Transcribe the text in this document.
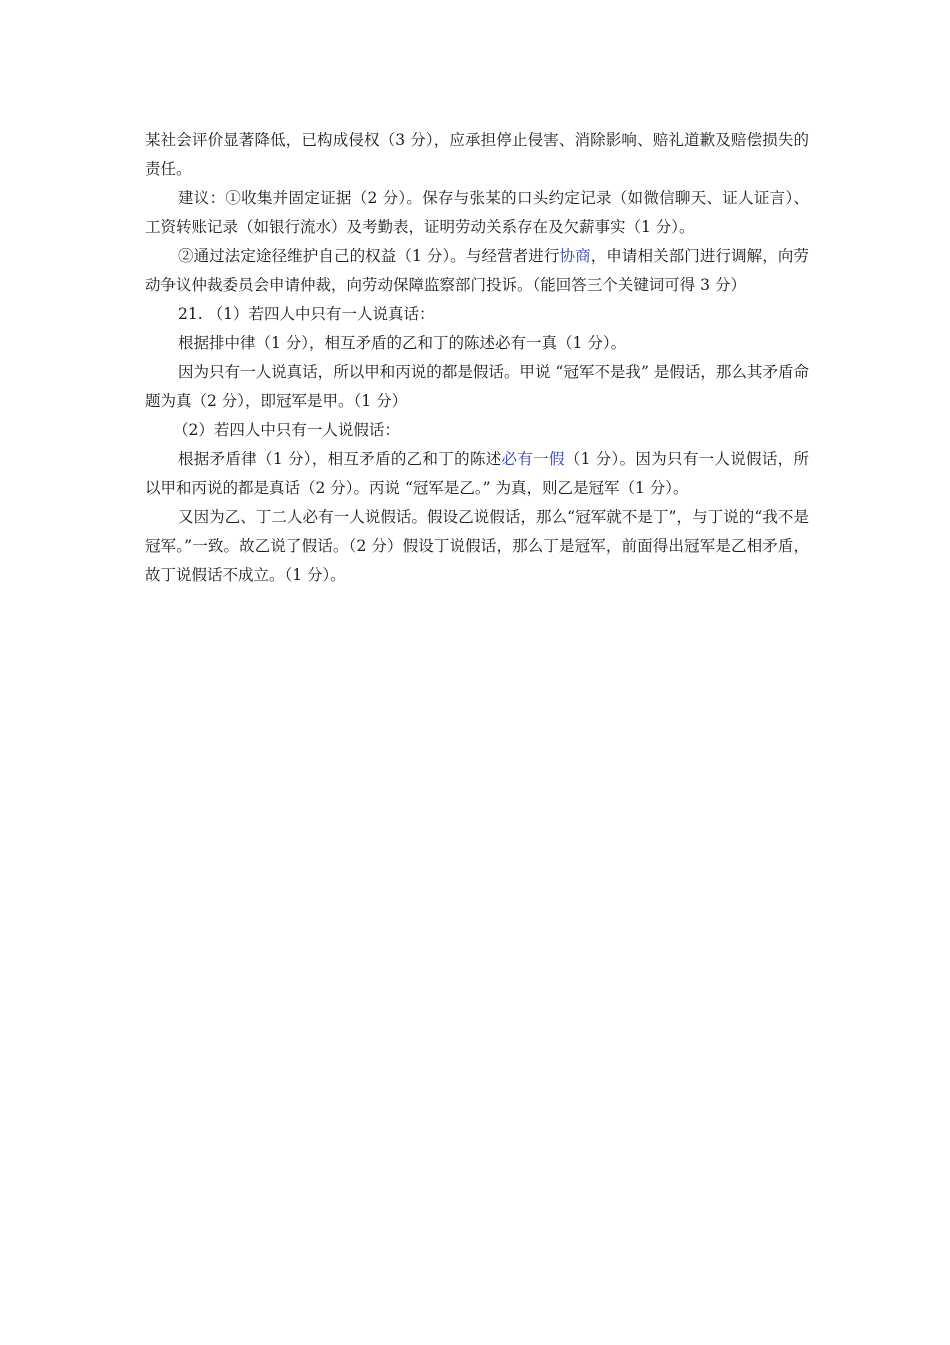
某社会评价显著降低，已构成侵权（3 分），应承担停止侵害、消除影响、赔礼道歉及赔偿损失的责任。

建议：①收集并固定证据（2 分）。保存与张某的口头约定记录（如微信聊天、证人证言）、工资转账记录（如银行流水）及考勤表，证明劳动关系存在及欠薪事实（1 分）。

②通过法定途径维护自己的权益（1 分）。与经营者进行协商，申请相关部门进行调解，向劳动争议仲裁委员会申请仲裁，向劳动保障监察部门投诉。（能回答三个关键词可得 3 分）

21. （1）若四人中只有一人说真话：

根据排中律（1 分），相互矛盾的乙和丁的陈述必有一真（1 分）。

因为只有一人说真话，所以甲和丙说的都是假话。甲说 “冠军不是我” 是假话，那么其矛盾命题为真（2 分），即冠军是甲。（1 分）

（2）若四人中只有一人说假话：

根据矛盾律（1 分），相互矛盾的乙和丁的陈述必有一假（1 分）。因为只有一人说假话，所以甲和丙说的都是真话（2 分）。丙说 “冠军是乙。” 为真，则乙是冠军（1 分）。

又因为乙、丁二人必有一人说假话。假设乙说假话，那么“冠军就不是丁”，与丁说的“我不是冠军。”一致。故乙说了假话。（2 分）假设丁说假话，那么丁是冠军，前面得出冠军是乙相矛盾，故丁说假话不成立。（1 分）。
